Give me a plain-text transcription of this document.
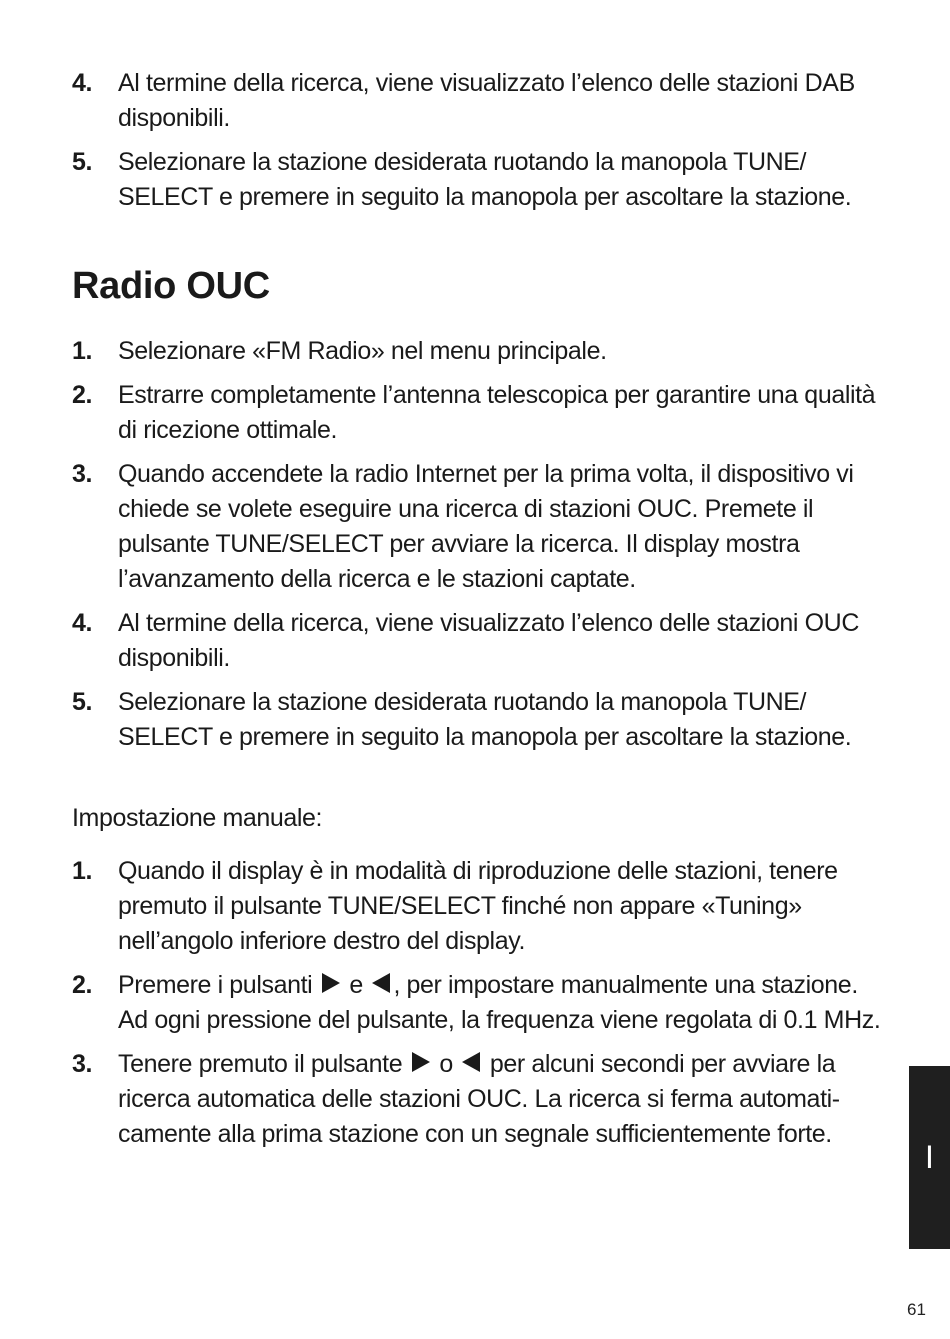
4.	Al termine della ricerca, viene visualizzato l’elenco delle stazioni DAB disponibili.
5.	Selezionare la stazione desiderata ruotando la manopola TUNE/ SELECT e premere in seguito la manopola per ascoltare la stazione.
Radio OUC
1.	Selezionare «FM Radio» nel menu principale.
2.	Estrarre completamente l’antenna telescopica per garantire una qualità di ricezione ottimale.
3.	Quando accendete la radio Internet per la prima volta, il dispositivo vi chiede se volete eseguire una ricerca di stazioni OUC. Premete il pulsante TUNE/SELECT per avviare la ricerca. Il display mostra l’avanzamento della ricerca e le stazioni captate.
4.	Al termine della ricerca, viene visualizzato l’elenco delle stazioni OUC disponibili.
5.	Selezionare la stazione desiderata ruotando la manopola TUNE/ SELECT e premere in seguito la manopola per ascoltare la stazione.
Impostazione manuale:
1.	Quando il display è in modalità di riproduzione delle stazioni, tenere premuto il pulsante TUNE/SELECT finché non appare «Tuning» nell’angolo inferiore destro del display.
2.	Premere i pulsanti e , per impostare manualmente una stazione. Ad ogni pressione del pulsante, la frequenza viene regolata di 0.1 MHz.
3.	Tenere premuto il pulsante o per alcuni secondi per avviare la ricerca automatica delle stazioni OUC. La ricerca si ferma automati-camente alla prima stazione con un segnale sufficientemente forte.
I
61
